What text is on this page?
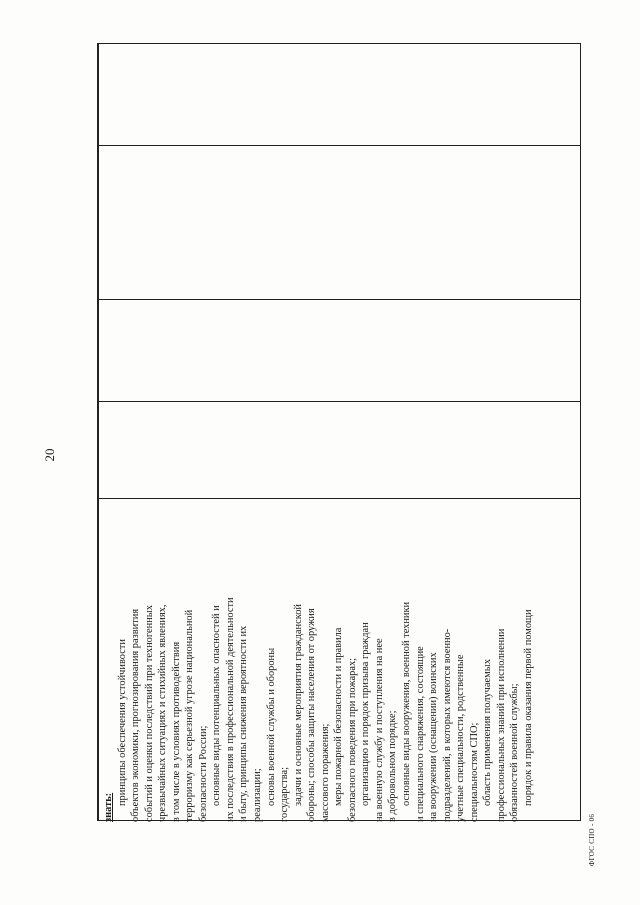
20
знать:
принципы обеспечения устойчивости объектов экономики, прогнозирования развития событий и оценки последствий при техногенных чрезвычайных ситуациях и стихийных явлениях, в том числе в условиях противодействия терроризму как серьезной угрозе национальной безопасности России; основные виды потенциальных опасностей и их последствия в профессиональной деятельности и быту, принципы снижения вероятности их реализации; основы военной службы и обороны государства; задачи и основные мероприятия гражданской обороны; способы защиты населения от оружия массового поражения; меры пожарной безопасности и правила безопасного поведения при пожарах; организацию и порядок призыва граждан на военную службу и поступления на нее в добровольном порядке; основные виды вооружения, военной техники и специального снаряжения, состоящие на вооружении (оснащении) воинских подразделений, в которых имеются военно- учетные специальности, родственные специальностям СПО; область применения получаемых профессиональных знаний при исполнении обязанностей военной службы; порядок и правила оказания первой помощи
ФГОС СПО - 06
